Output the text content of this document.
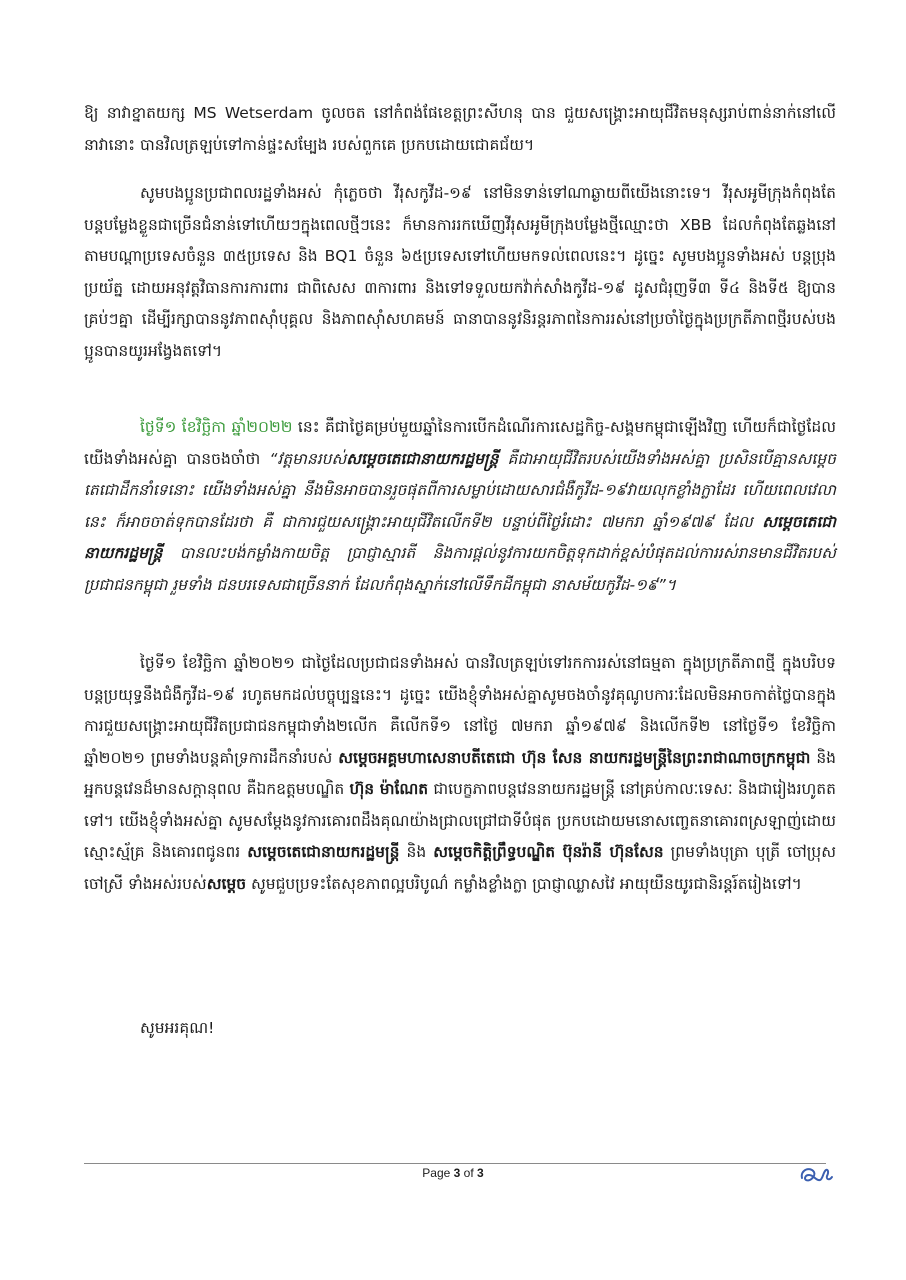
ឱ្យ នាវាខ្នាតយក្ស MS Wetserdam ចូលចត នៅកំពង់ផែខេត្តព្រះសីហនុ បាន ជួយសង្គ្រោះអាយុជីវិតមនុស្សរាប់ពាន់នាក់នៅលើនាវានោះ បានវិលត្រឡប់ទៅកាន់ផ្ទះសម្បែង របស់ពួកគេ ប្រកបដោយជោគជ័យ។

សូមបងប្អូនប្រជាពលរដ្ឋទាំងអស់ កុំភ្លេចថា វីរុសកូវីដ-១៩ នៅមិនទាន់ទៅណាឆ្ងាយពីយើងនោះទេ។ វីរុសអូមីក្រុងកំពុងតែបន្តបម្លែងខ្លួនជាច្រើនជំនាន់ទៅហើយៗក្នុងពេលថ្មីៗនេះ ក៏មានការរកឃើញវីរុសអូមីក្រុងបម្លែងថ្មីឈ្មោះថា XBB ដែលកំពុងតែឆ្លងនៅតាមបណ្តាប្រទេសចំនួន ៣៥ប្រទេស និង BQ1 ចំនួន ៦៥ប្រទេសទៅហើយមកទល់ពេលនេះ។ ដូច្នេះ សូមបងប្អូនទាំងអស់ បន្តប្រុងប្រយ័ត្ន ដោយអនុវត្តវិធានការការពារ ជាពិសេស ៣ការពារ និងទៅទទួលយកវ៉ាក់សាំងកូវីដ-១៩ ដូសជំរុញទី៣ ទី៤ និងទី៥ ឱ្យបានគ្រប់ៗគ្នា ដើម្បីរក្សាបាននូវភាពស៊ាំបុគ្គល និងភាពស៊ាំសហគមន៍ ធានាបាននូវនិរន្តរភាពនៃការរស់នៅប្រចាំថ្ងៃក្នុងប្រក្រតីភាពថ្មីរបស់បងប្អូនបានយូរអង្វែងតទៅ។

ថ្ងៃទី១ ខែវិច្ឆិកា ឆ្នាំ២០២២ នេះ គឺជាថ្ងៃគម្រប់មួយឆ្នាំនៃការបើកដំណើរការសេដ្ឋកិច្ច-សង្គមកម្ពុជាឡើងវិញ ហើយក៏ជាថ្ងៃដែលយើងទាំងអស់គ្នា បានចងចាំថា “វត្តមានរបស់សម្តេចតេជោនាយករដ្ឋមន្ត្រី គឺជាអាយុជីវិតរបស់យើងទាំងអស់គ្នា ប្រសិនបើគ្មានសម្តេចតេជោដឹកនាំទេនោះ យើងទាំងអស់គ្នា នឹងមិនអាចបានរួចផុតពីការសម្លាប់ដោយសារជំងឺកូវីដ-១៩វាយលុកខ្លាំងក្លាដែរ ហើយពេលវេលានេះ ក៏អាចចាត់ទុកបានដែរថា គឺ ជាការជួយសង្គ្រោះអាយុជីវិតលើកទី២ បន្ទាប់ពីថ្ងៃរំដោះ ៧មករា ឆ្នាំ១៩៧៩ ដែល សម្តេចតេជោនាយករដ្ឋមន្ត្រី បានលះបង់កម្លាំងកាយចិត្ត ប្រាជ្ញាស្មារតី និងការផ្តល់នូវការយកចិត្តទុកដាក់ខ្ពស់បំផុតដល់ការរស់រានមានជីវិតរបស់ប្រជាជនកម្ពុជា រួមទាំង ជនបរទេសជាច្រើននាក់ ដែលកំពុងស្នាក់នៅលើទឹកដីកម្ពុជា នាសម័យកូវីដ-១៩”។

ថ្ងៃទី១ ខែវិច្ឆិកា ឆ្នាំ២០២១ ជាថ្ងៃដែលប្រជាជនទាំងអស់ បានវិលត្រឡប់ទៅរកការរស់នៅធម្មតា ក្នុងប្រក្រតីភាពថ្មី ក្នុងបរិបទបន្តប្រយុទ្ធនឹងជំងឺកូវីដ-១៩ រហូតមកដល់បច្ចុប្បន្ននេះ។ ដូច្នេះ យើងខ្ញុំទាំងអស់គ្នាសូមចងចាំនូវគុណូបការៈដែលមិនអាចកាត់ថ្លៃបានក្នុងការជួយសង្គ្រោះអាយុជីវិតប្រជាជនកម្ពុជាទាំង២លើក គឺលើកទី១ នៅថ្ងៃ ៧មករា ឆ្នាំ១៩៧៩ និងលើកទី២ នៅថ្ងៃទី១ ខែវិច្ឆិកា ឆ្នាំ២០២១ ព្រមទាំងបន្តគាំទ្រការដឹកនាំរបស់ សម្តេចអគ្គមហាសេនាបតីតេជោ ហ៊ុន សែន នាយករដ្ឋមន្ត្រីនៃព្រះរាជាណាចក្រកម្ពុជា និងអ្នកបន្តវេនដ៏មានសក្តានុពល គឺឯកឧត្តមបណ្ឌិត ហ៊ុន ម៉ាណែត ជាបេក្ខភាពបន្តវេននាយករដ្ឋមន្ត្រី នៅគ្រប់កាលៈទេសៈ និងជារៀងរហូតតទៅ។ យើងខ្ញុំទាំងអស់គ្នា សូមសម្តែងនូវការគោរពដឹងគុណយ៉ាងជ្រាលជ្រៅជាទីបំផុត ប្រកបដោយមនោសញ្ចេតនាគោរពស្រឡាញ់ដោយស្មោះស្ម័គ្រ និងគោរពជូនពរ សម្តេចតេជោនាយករដ្ឋមន្ត្រី និង សម្តេចកិត្តិព្រឹទ្ធបណ្ឌិត ប៊ុនរ៉ានី ហ៊ុនសែន ព្រមទាំងបុត្រា បុត្រី ចៅប្រុស ចៅស្រី ទាំងអស់របស់សម្តេច សូមជួបប្រទះតែសុខភាពល្អបរិបូណ៌ កម្លាំងខ្លាំងក្លា ប្រាជ្ញាឈ្លាសវៃ អាយុយឺនយូរជានិរន្តរ៍តរៀងទៅ។

សូមអរគុណ!

Page 3 of 3
